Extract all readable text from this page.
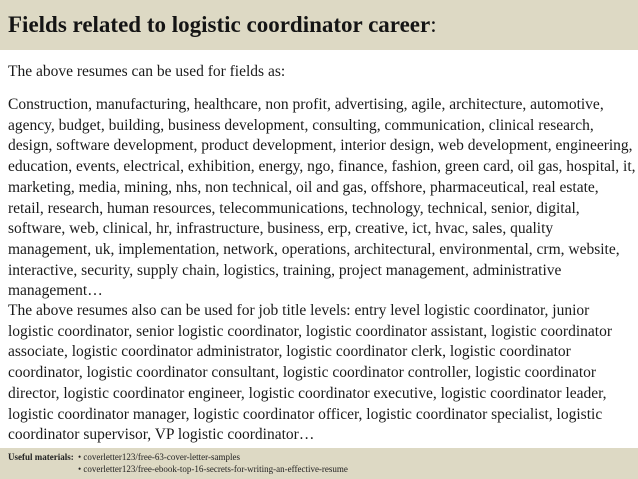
Fields related to logistic coordinator career:
The above resumes can be used for fields as:
Construction, manufacturing, healthcare, non profit, advertising, agile, architecture, automotive, agency, budget, building, business development, consulting, communication, clinical research, design, software development, product development, interior design, web development, engineering, education, events, electrical, exhibition, energy, ngo, finance, fashion, green card, oil gas, hospital, it, marketing, media, mining, nhs, non technical, oil and gas, offshore, pharmaceutical, real estate, retail, research, human resources, telecommunications, technology, technical, senior, digital, software, web, clinical, hr, infrastructure, business, erp, creative, ict, hvac, sales, quality management, uk, implementation, network, operations, architectural, environmental, crm, website, interactive, security, supply chain, logistics, training, project management, administrative management…
The above resumes also can be used for job title levels: entry level logistic coordinator, junior logistic coordinator, senior logistic coordinator, logistic coordinator assistant, logistic coordinator associate, logistic coordinator administrator, logistic coordinator clerk, logistic coordinator coordinator, logistic coordinator consultant, logistic coordinator controller, logistic coordinator director, logistic coordinator engineer, logistic coordinator executive, logistic coordinator leader, logistic coordinator manager, logistic coordinator officer, logistic coordinator specialist, logistic coordinator supervisor, VP logistic coordinator…
Useful materials: • coverletter123/free-63-cover-letter-samples
• coverletter123/free-ebook-top-16-secrets-for-writing-an-effective-resume
